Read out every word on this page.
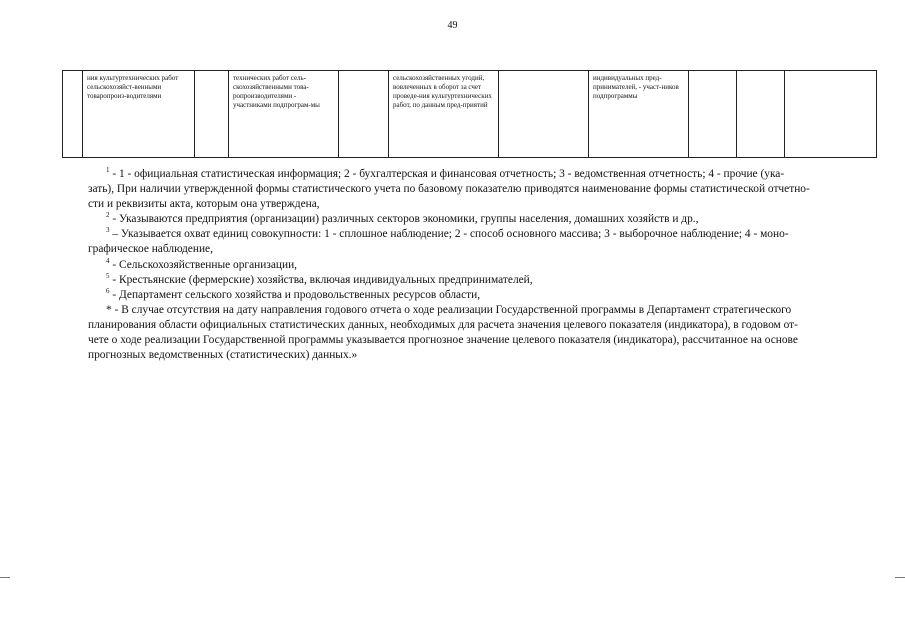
49
	ния культуртехнических работ сельскохозяйст-венными товаропроиз-водителями		технических работ сель-скохозяйственными това-ропроизводителями - участниками подпрограм-мы		сельскохозяйственных угодий, вовлеченных в оборот за счет проведе-ния культуртехнических работ, по данным пред-приятий		индивидуальных пред-принимателей, - участ-ников подпрограммы			
$^1$ - 1 - официальная статистическая информация; 2 - бухгалтерская и финансовая отчетность; 3 - ведомственная отчетность; 4 - прочие (ука-
зать), При наличии утвержденной формы статистического учета по базовому показателю приводятся наименование формы статистической отчетно-
сти и реквизиты акта, которым она утверждена,
$^2$ - Указываются предприятия (организации) различных секторов экономики, группы населения, домашних хозяйств и др.,
$^3$ – Указывается охват единиц совокупности: 1 - сплошное наблюдение; 2 - способ основного массива; 3 - выборочное наблюдение; 4 - моно-
графическое наблюдение,
$^4$ - Сельскохозяйственные организации,
$^5$ - Крестьянские (фермерские) хозяйства, включая индивидуальных предпринимателей,
$^6$ - Департамент сельского хозяйства и продовольственных ресурсов области,
* - В случае отсутствия на дату направления годового отчета о ходе реализации Государственной программы в Департамент стратегического
планирования области официальных статистических данных, необходимых для расчета значения целевого показателя (индикатора), в годовом от-
чете о ходе реализации Государственной программы указывается прогнозное значение целевого показателя (индикатора), рассчитанное на основе
прогнозных ведомственных (статистических) данных.»
